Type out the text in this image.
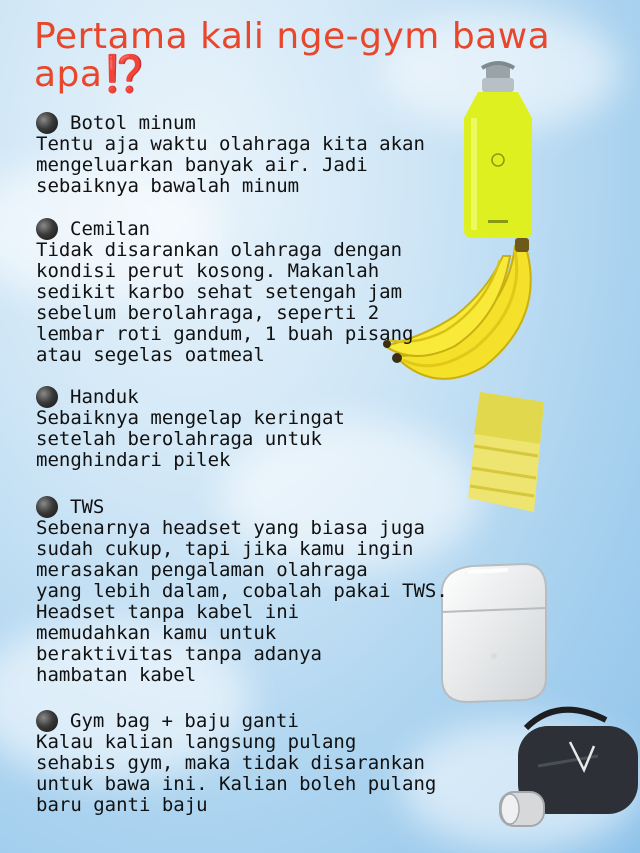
Pertama kali nge-gym bawa apa⁉️
Botol minum
Tentu aja waktu olahraga kita akan
mengeluarkan banyak air. Jadi
sebaiknya bawalah minum
Cemilan
Tidak disarankan olahraga dengan
kondisi perut kosong. Makanlah
sedikit karbo sehat setengah jam
sebelum berolahraga, seperti 2
lembar roti gandum, 1 buah pisang
atau segelas oatmeal
Handuk
Sebaiknya mengelap keringat
setelah berolahraga untuk
menghindari pilek
TWS
Sebenarnya headset yang biasa juga
sudah cukup, tapi jika kamu ingin
merasakan pengalaman olahraga
yang lebih dalam, cobalah pakai TWS.
Headset tanpa kabel ini
memudahkan kamu untuk
beraktivitas tanpa adanya
hambatan kabel
Gym bag + baju ganti
Kalau kalian langsung pulang
sehabis gym, maka tidak disarankan
untuk bawa ini. Kalian boleh pulang
baru ganti baju
